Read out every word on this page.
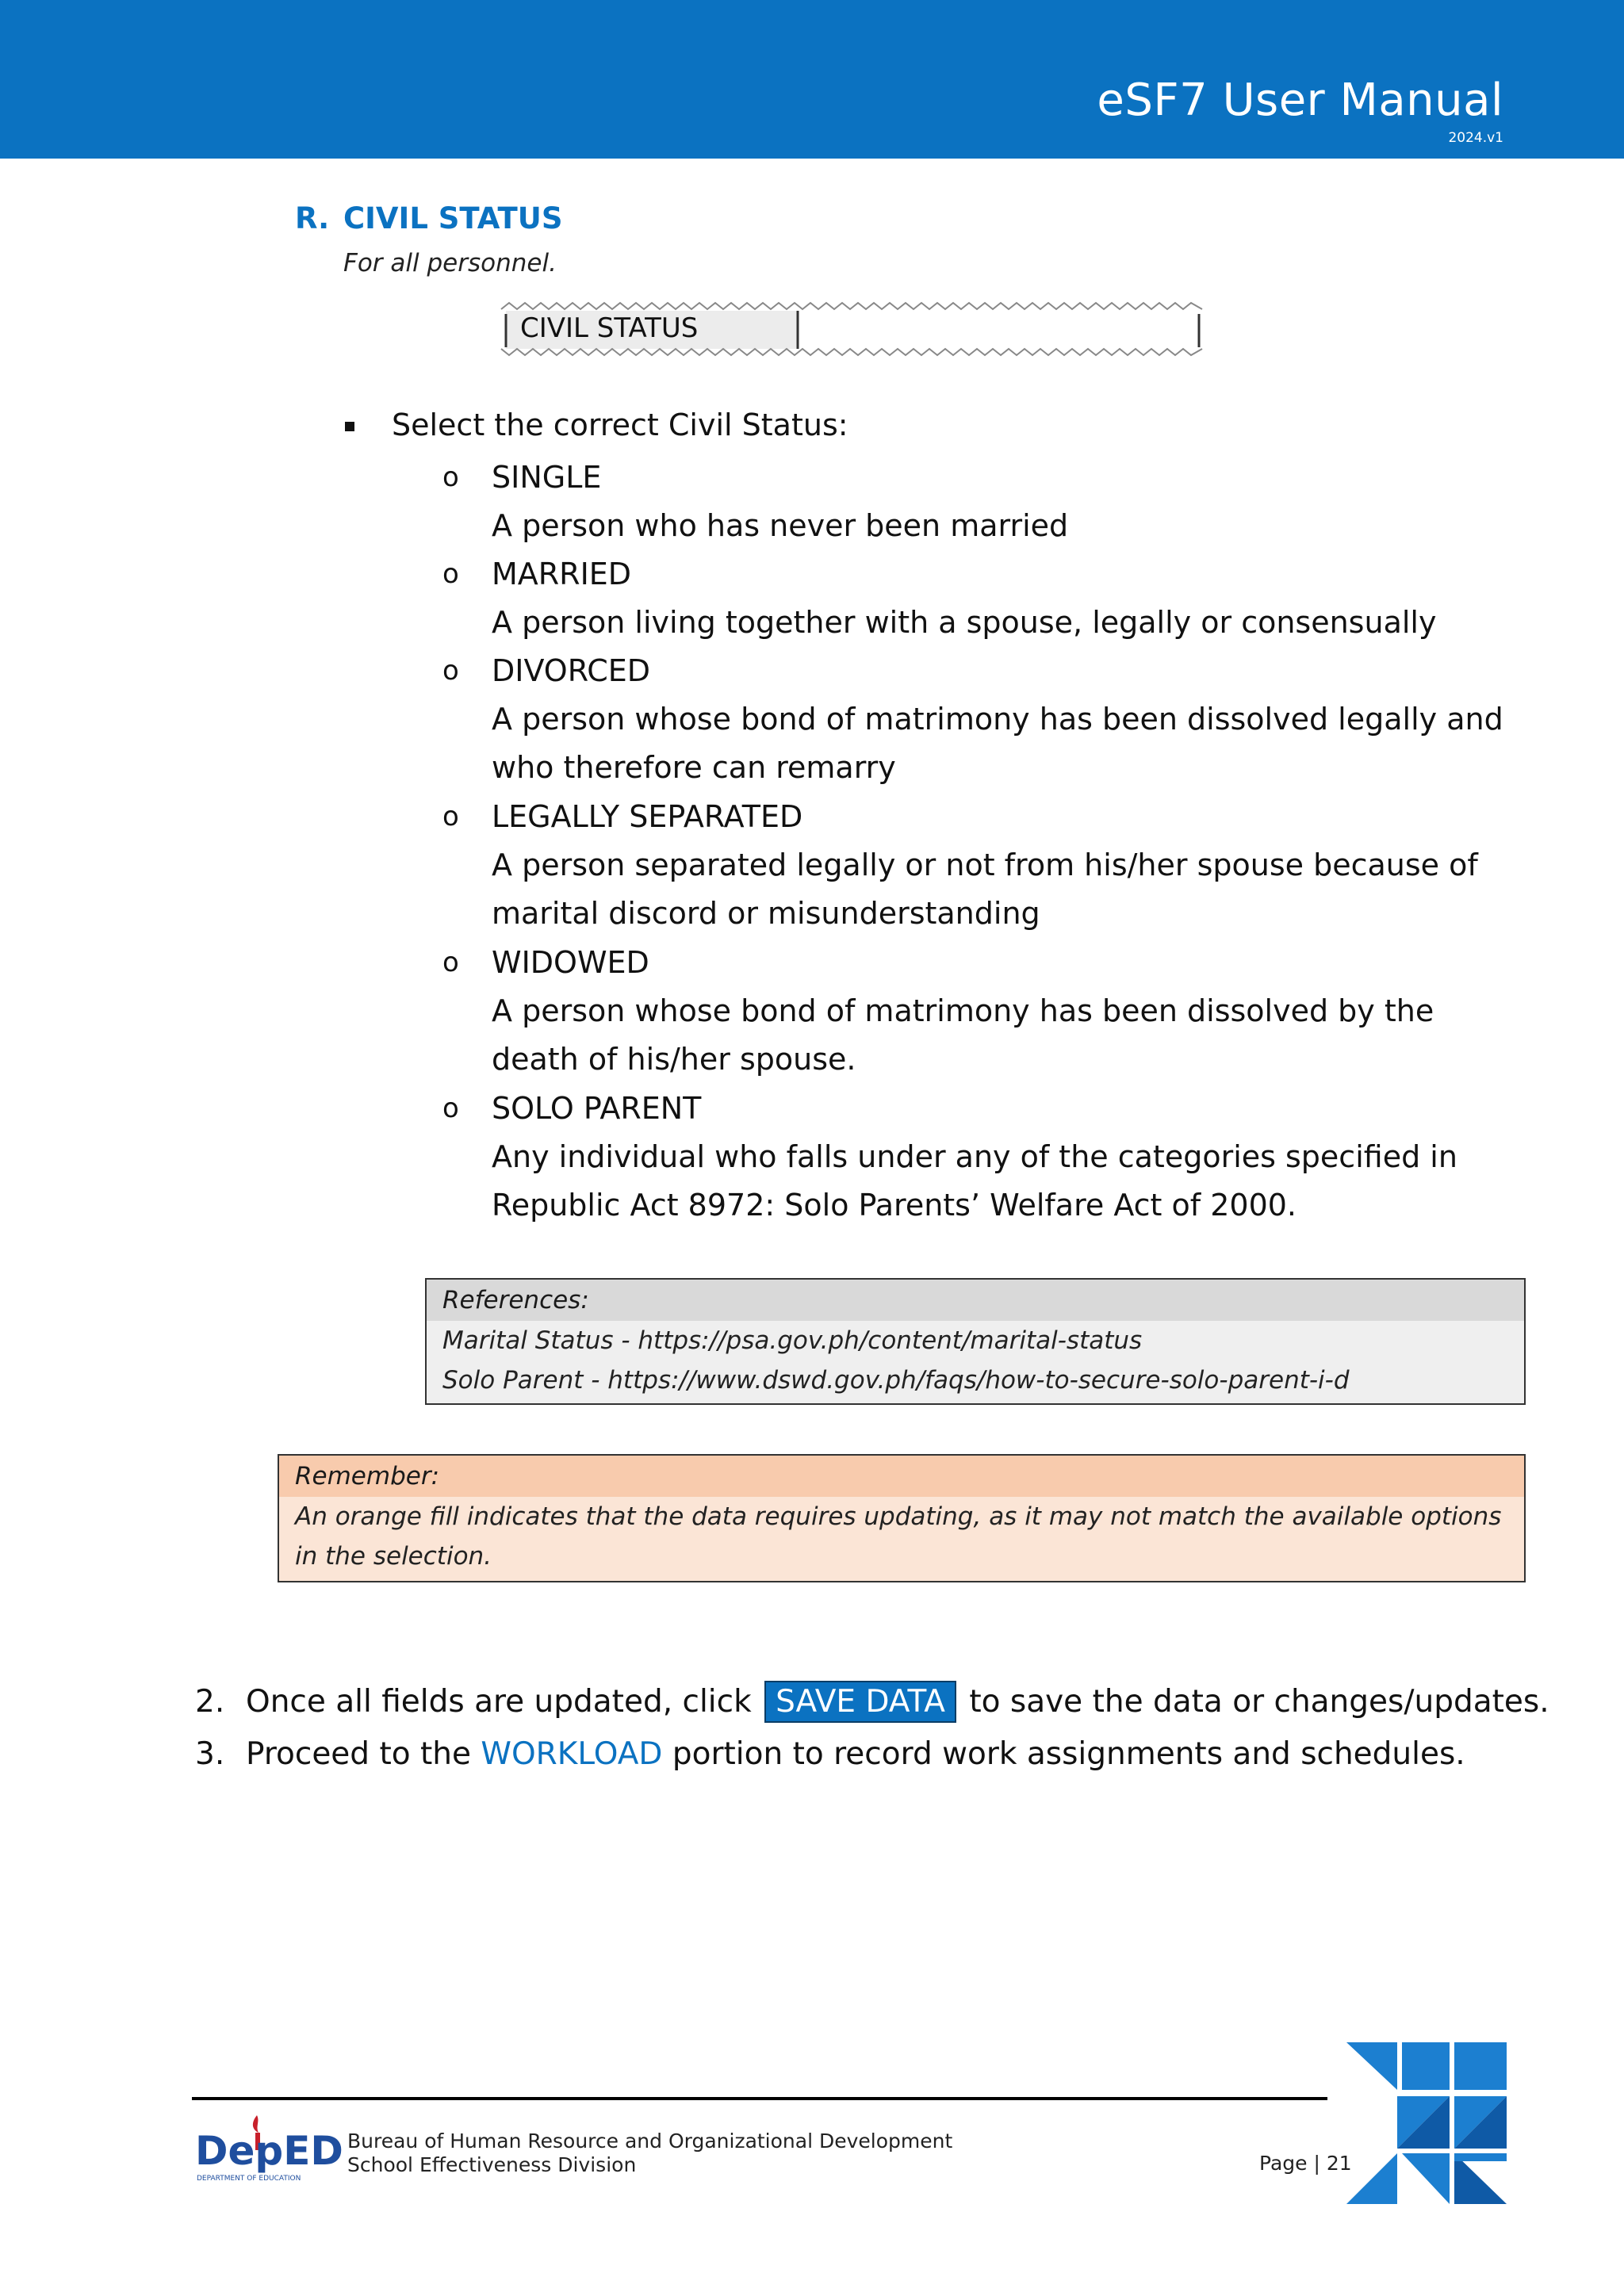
eSF7 User Manual
2024.v1
R. CIVIL STATUS
For all personnel.
CIVIL STATUS
Select the correct Civil Status:
o	SINGLE
A person who has never been married
o	MARRIED
A person living together with a spouse, legally or consensually
o	DIVORCED
A person whose bond of matrimony has been dissolved legally and
who therefore can remarry
o	LEGALLY SEPARATED
A person separated legally or not from his/her spouse because of
marital discord or misunderstanding
o	WIDOWED
A person whose bond of matrimony has been dissolved by the
death of his/her spouse.
o	SOLO PARENT
Any individual who falls under any of the categories specified in
Republic Act 8972: Solo Parents’ Welfare Act of 2000.
References:
Marital Status - https://psa.gov.ph/content/marital-status
Solo Parent - https://www.dswd.gov.ph/faqs/how-to-secure-solo-parent-i-d
Remember:
An orange fill indicates that the data requires updating, as it may not match the available options
in the selection.
2. Once all fields are updated, click SAVE DATA to save the data or changes/updates.
3. Proceed to the WORKLOAD portion to record work assignments and schedules.
DepED
DEPARTMENT OF EDUCATION
Bureau of Human Resource and Organizational Development
School Effectiveness Division	Page | 21
